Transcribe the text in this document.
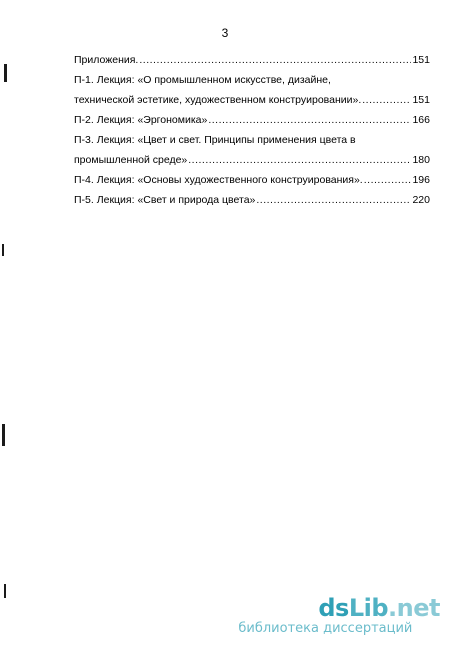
3
Приложения. .....	151
П-1. Лекция: «О промышленном искусстве, дизайне,
технической эстетике, художественном конструировании». .....	151
П-2. Лекция: «Эргономика» .....	166
П-3. Лекция: «Цвет и свет. Принципы применения цвета в
промышленной среде» .....	180
П-4. Лекция: «Основы художественного конструирования». .....	196
П-5. Лекция: «Свет и природа цвета» .....	220
dsLib.net
библиотека диссертаций
